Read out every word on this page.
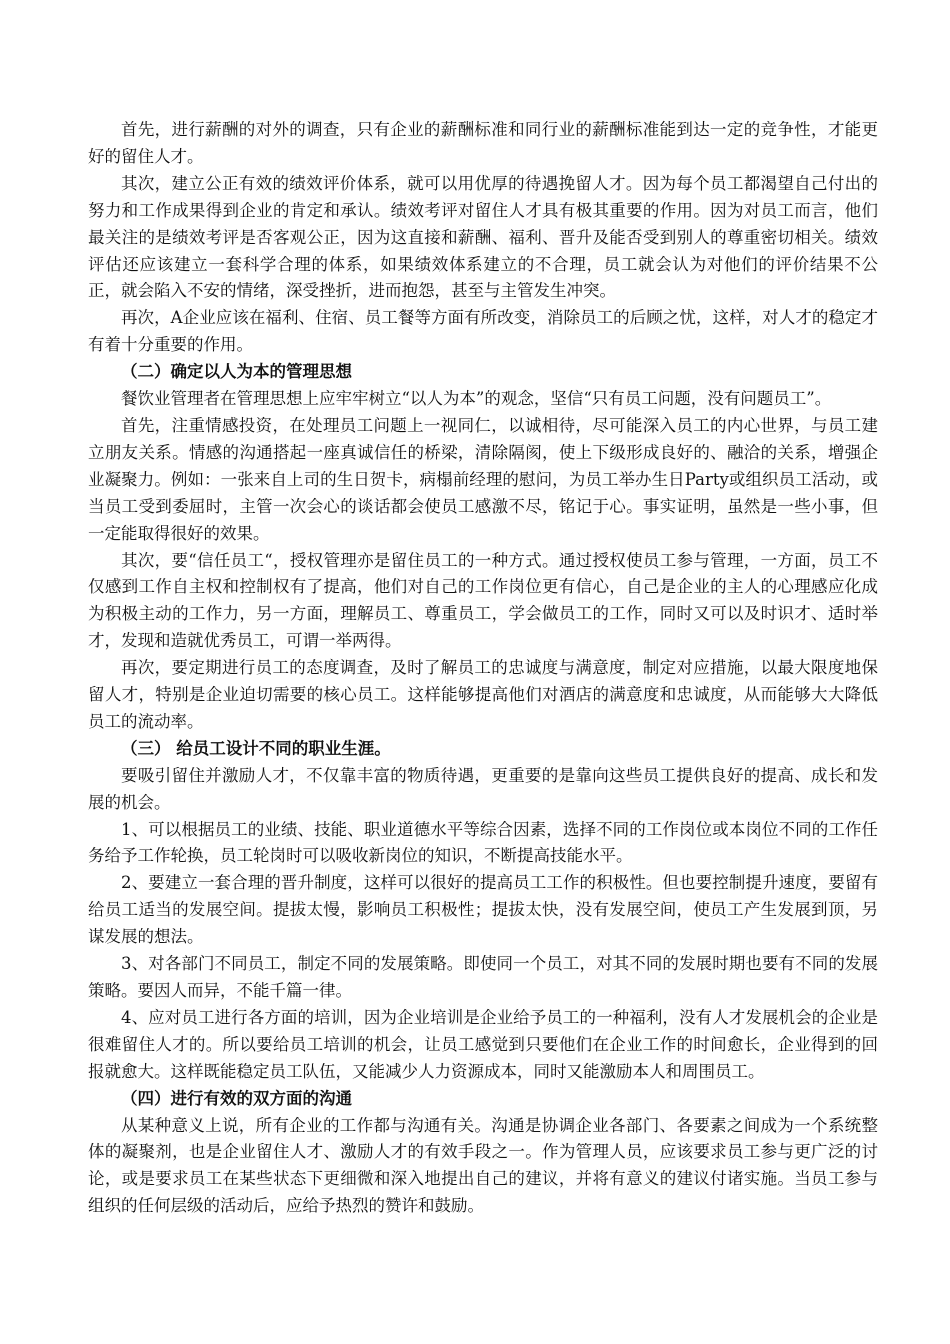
首先，进行薪酬的对外的调查，只有企业的薪酬标准和同行业的薪酬标准能到达一定的竞争性，才能更好的留住人才。

其次，建立公正有效的绩效评价体系，就可以用优厚的待遇挽留人才。因为每个员工都渴望自己付出的努力和工作成果得到企业的肯定和承认。绩效考评对留住人才具有极其重要的作用。因为对员工而言，他们最关注的是绩效考评是否客观公正，因为这直接和薪酬、福利、晋升及能否受到别人的尊重密切相关。绩效评估还应该建立一套科学合理的体系，如果绩效体系建立的不合理，员工就会认为对他们的评价结果不公正，就会陷入不安的情绪，深受挫折，进而抱怨，甚至与主管发生冲突。

再次，A企业应该在福利、住宿、员工餐等方面有所改变，消除员工的后顾之忧，这样，对人才的稳定才有着十分重要的作用。

（二）确定以人为本的管理思想

餐饮业管理者在管理思想上应牢牢树立“以人为本”的观念，坚信“只有员工问题，没有问题员工”。

首先，注重情感投资，在处理员工问题上一视同仁，以诚相待，尽可能深入员工的内心世界，与员工建立朋友关系。情感的沟通搭起一座真诚信任的桥梁，清除隔阂，使上下级形成良好的、融洽的关系，增强企业凝聚力。例如：一张来自上司的生日贺卡，病榻前经理的慰问，为员工举办生日Party或组织员工活动，或当员工受到委屈时，主管一次会心的谈话都会使员工感激不尽，铭记于心。事实证明，虽然是一些小事，但一定能取得很好的效果。

其次，要“信任员工“，授权管理亦是留住员工的一种方式。通过授权使员工参与管理，一方面，员工不仅感到工作自主权和控制权有了提高，他们对自己的工作岗位更有信心，自己是企业的主人的心理感应化成为积极主动的工作力，另一方面，理解员工、尊重员工，学会做员工的工作，同时又可以及时识才、适时举才，发现和造就优秀员工，可谓一举两得。

再次，要定期进行员工的态度调查，及时了解员工的忠诚度与满意度，制定对应措施，以最大限度地保留人才，特别是企业迫切需要的核心员工。这样能够提高他们对酒店的满意度和忠诚度，从而能够大大降低员工的流动率。

（三） 给员工设计不同的职业生涯。

要吸引留住并激励人才，不仅靠丰富的物质待遇，更重要的是靠向这些员工提供良好的提高、成长和发展的机会。

1、可以根据员工的业绩、技能、职业道德水平等综合因素，选择不同的工作岗位或本岗位不同的工作任务给予工作轮换，员工轮岗时可以吸收新岗位的知识，不断提高技能水平。

2、要建立一套合理的晋升制度，这样可以很好的提高员工工作的积极性。但也要控制提升速度，要留有给员工适当的发展空间。提拔太慢，影响员工积极性；提拔太快，没有发展空间，使员工产生发展到顶，另谋发展的想法。

3、对各部门不同员工，制定不同的发展策略。即使同一个员工，对其不同的发展时期也要有不同的发展策略。要因人而异，不能千篇一律。

4、应对员工进行各方面的培训，因为企业培训是企业给予员工的一种福利，没有人才发展机会的企业是很难留住人才的。所以要给员工培训的机会，让员工感觉到只要他们在企业工作的时间愈长，企业得到的回报就愈大。这样既能稳定员工队伍，又能减少人力资源成本，同时又能激励本人和周围员工。

（四）进行有效的双方面的沟通

从某种意义上说，所有企业的工作都与沟通有关。沟通是协调企业各部门、各要素之间成为一个系统整体的凝聚剂，也是企业留住人才、激励人才的有效手段之一。作为管理人员，应该要求员工参与更广泛的讨论，或是要求员工在某些状态下更细微和深入地提出自己的建议，并将有意义的建议付诸实施。当员工参与组织的任何层级的活动后，应给予热烈的赞许和鼓励。
